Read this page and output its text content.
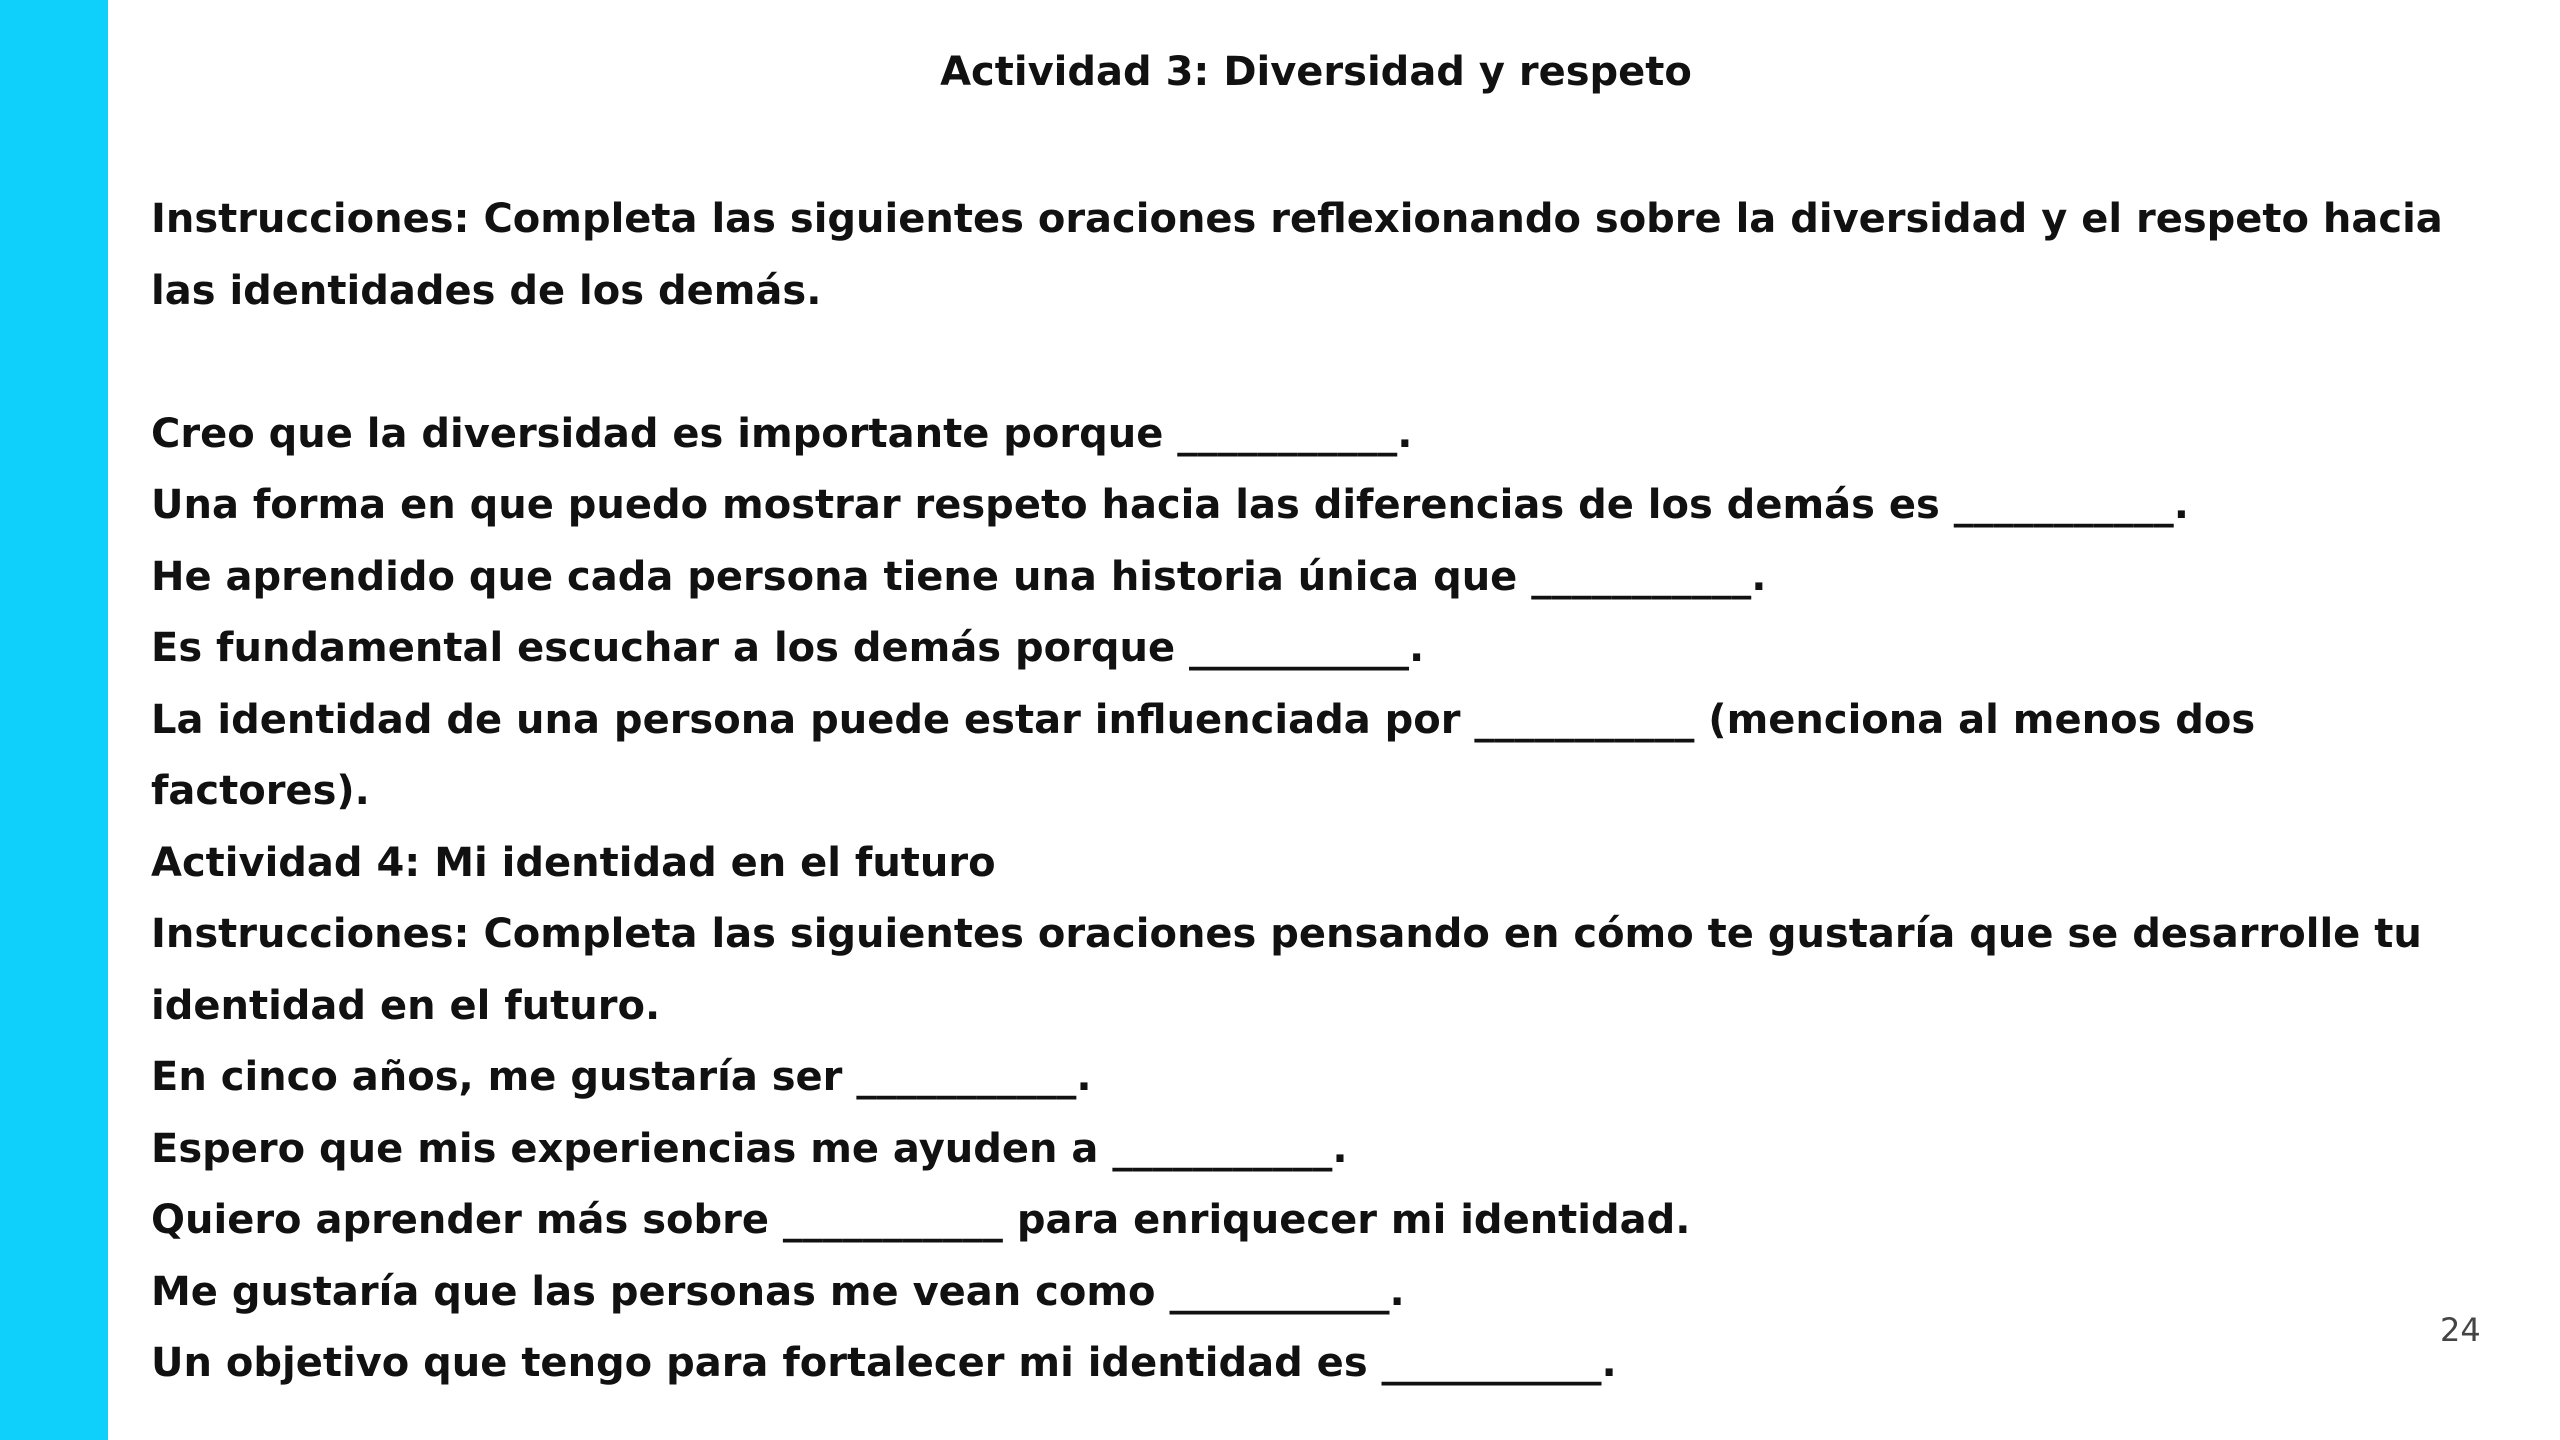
Actividad 3: Diversidad y respeto

Instrucciones: Completa las siguientes oraciones reflexionando sobre la diversidad y el respeto hacia las identidades de los demás.

Creo que la diversidad es importante porque ___________.

Una forma en que puedo mostrar respeto hacia las diferencias de los demás es ___________.

He aprendido que cada persona tiene una historia única que ___________.

Es fundamental escuchar a los demás porque ___________.

La identidad de una persona puede estar influenciada por ___________ (menciona al menos dos factores).

Actividad 4: Mi identidad en el futuro

Instrucciones: Completa las siguientes oraciones pensando en cómo te gustaría que se desarrolle tu identidad en el futuro.

En cinco años, me gustaría ser ___________.

Espero que mis experiencias me ayuden a ___________.

Quiero aprender más sobre ___________ para enriquecer mi identidad.

Me gustaría que las personas me vean como ___________.

Un objetivo que tengo para fortalecer mi identidad es ___________.

24
